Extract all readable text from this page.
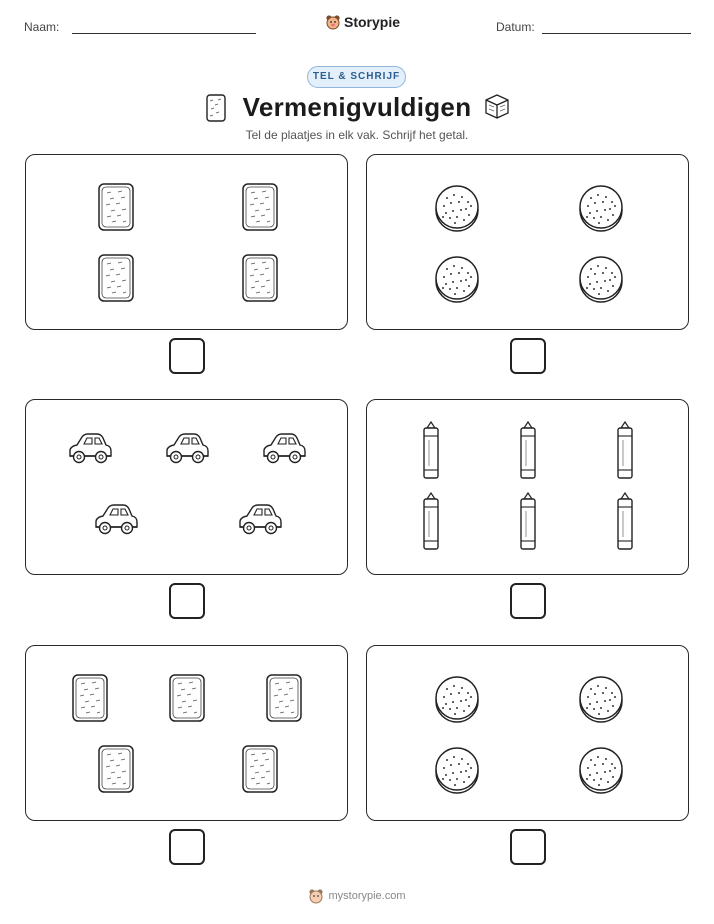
Naam:	Storypie	Datum:
TEL & SCHRIJF
Vermenigvuldigen
Tel de plaatjes in elk vak. Schrijf het getal.
mystorypie.com
